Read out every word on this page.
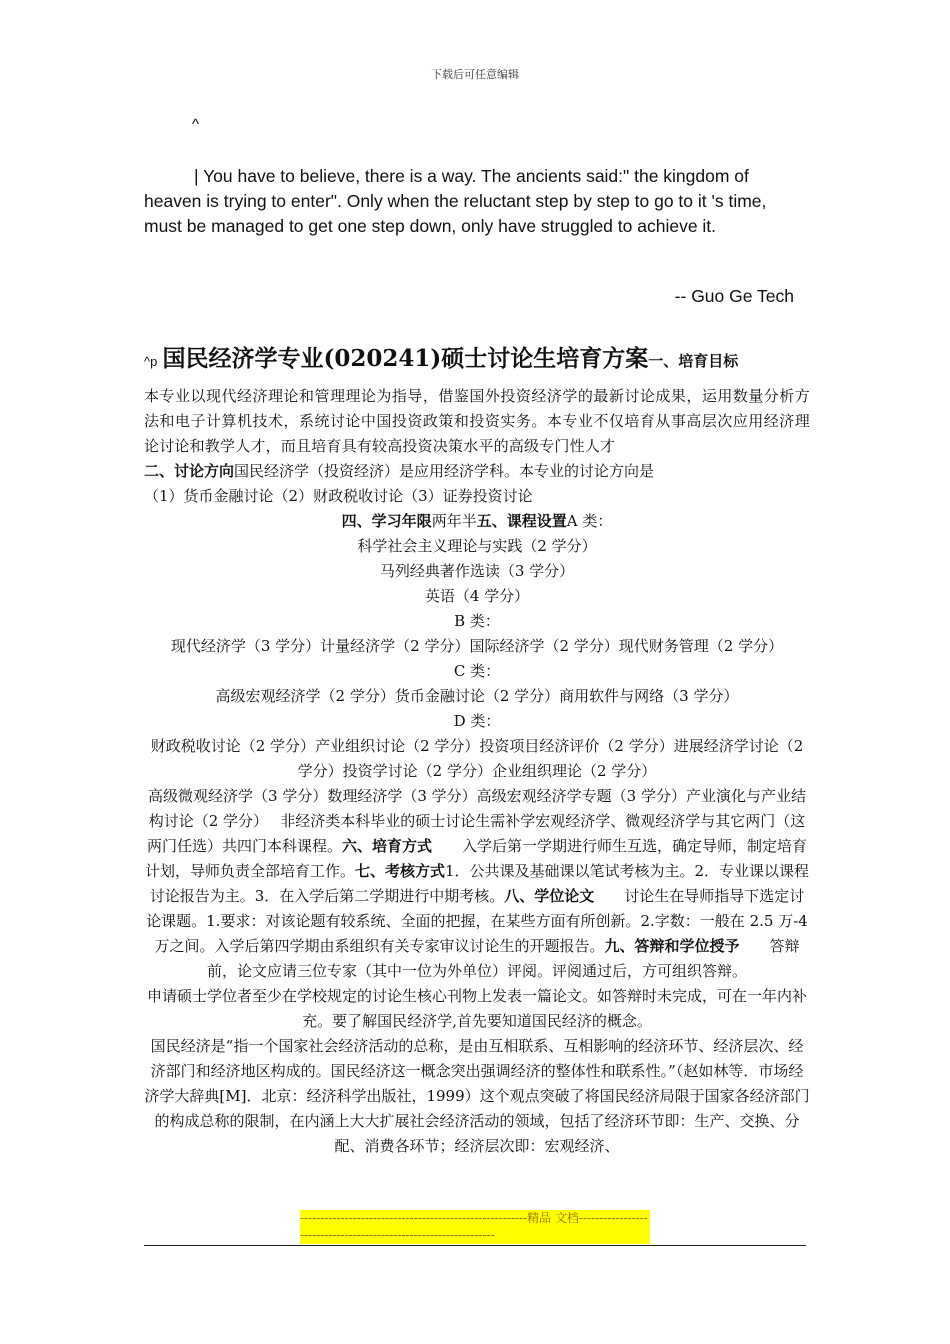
下载后可任意编辑
^
| You have to believe, there is a way. The ancients said:" the kingdom of heaven is trying to enter". Only when the reluctant step by step to go to it 's time, must be managed to get one step down, only have struggled to achieve it.
-- Guo Ge Tech
^p 国民经济学专业(020241)硕士讨论生培育方案一、培育目标

本专业以现代经济理论和管理理论为指导，借鉴国外投资经济学的最新讨论成果，运用数量分析方法和电子计算机技术，系统讨论中国投资政策和投资实务。本专业不仅培育从事高层次应用经济理论讨论和教学人才，而且培育具有较高投资决策水平的高级专门性人才

二、讨论方向国民经济学（投资经济）是应用经济学科。本专业的讨论方向是

（1）货币金融讨论（2）财政税收讨论（3）证券投资讨论

四、学习年限两年半五、课程设置A 类：

科学社会主义理论与实践（2 学分）

马列经典著作选读（3 学分）

英语（4 学分）

B 类：

现代经济学（3 学分）计量经济学（2 学分）国际经济学（2 学分）现代财务管理（2 学分）

C 类：

高级宏观经济学（2 学分）货币金融讨论（2 学分）商用软件与网络（3 学分）

D 类：

财政税收讨论（2 学分）产业组织讨论（2 学分）投资项目经济评价（2 学分）进展经济学讨论（2 学分）投资学讨论（2 学分）企业组织理论（2 学分）

高级微观经济学（3 学分）数理经济学（3 学分）高级宏观经济学专题（3 学分）产业演化与产业结构讨论（2 学分）　 非经济类本科毕业的硕士讨论生需补学宏观经济学、微观经济学与其它两门（这两门任选）共四门本科课程。六、培育方式　　入学后第一学期进行师生互选，确定导师，制定培育计划，导师负责全部培育工作。七、考核方式1．公共课及基础课以笔试考核为主。2．专业课以课程讨论报告为主。3．在入学后第二学期进行中期考核。八、学位论文　　讨论生在导师指导下选定讨论课题。1.要求：对该论题有较系统、全面的把握，在某些方面有所创新。2.字数：一般在 2.5 万-4 万之间。入学后第四学期由系组织有关专家审议讨论生的开题报告。九、答辩和学位授予　　答辩前，论文应请三位专家（其中一位为外单位）评阅。评阅通过后，方可组织答辩。

申请硕士学位者至少在学校规定的讨论生核心刊物上发表一篇论文。如答辩时未完成，可在一年内补充。要了解国民经济学,首先要知道国民经济的概念。

国民经济是“指一个国家社会经济活动的总称，是由互相联系、互相影响的经济环节、经济层次、经济部门和经济地区构成的。国民经济这一概念突出强调经济的整体性和联系性。”（赵如林等．市场经济学大辞典[M]．北京：经济科学出版社，1999）这个观点突破了将国民经济局限于国家各经济部门的构成总称的限制，在内涵上大大扩展社会经济活动的领域，包括了经济环节即：生产、交换、分配、消费各环节；经济层次即：宏观经济、

--------------------------------------------------------精品 文档-----------------------------------------------------------------
